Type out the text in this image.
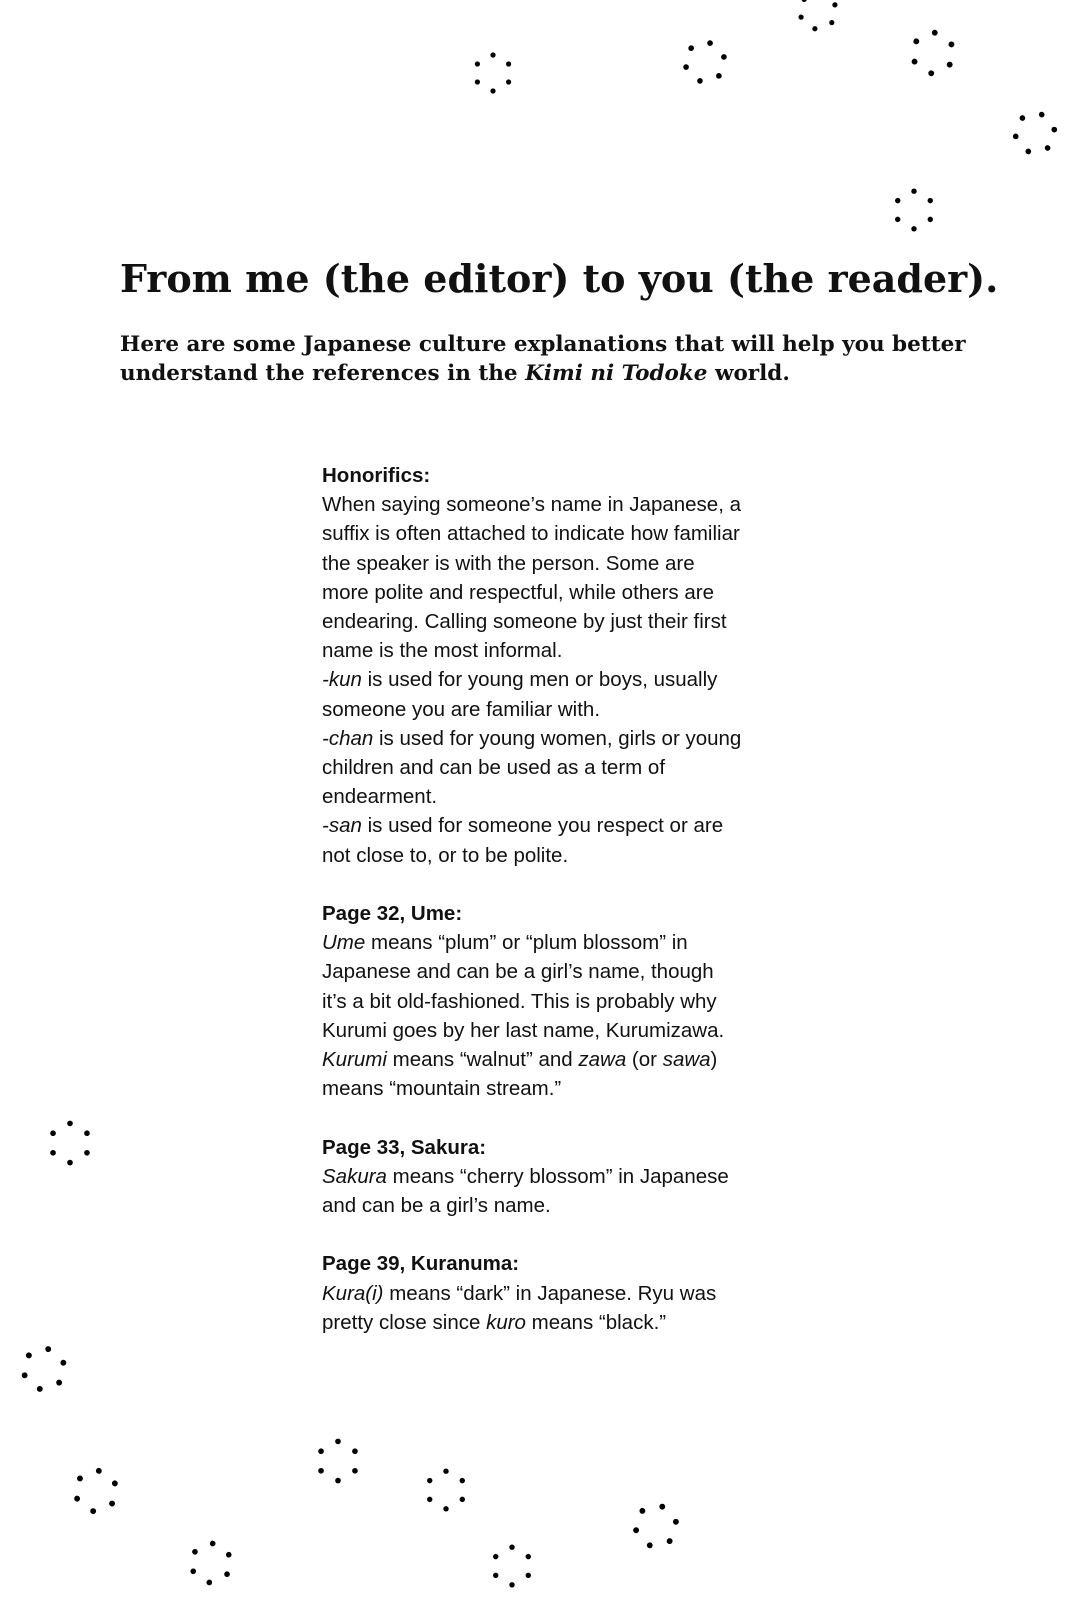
From me (the editor) to you (the reader).

Here are some Japanese culture explanations that will help you better understand the references in the Kimi ni Todoke world.

Honorifics:

When saying someone’s name in Japanese, a suffix is often attached to indicate how familiar the speaker is with the person. Some are more polite and respectful, while others are endearing. Calling someone by just their first name is the most informal.

-kun is used for young men or boys, usually someone you are familiar with.

-chan is used for young women, girls or young children and can be used as a term of endearment.

-san is used for someone you respect or are not close to, or to be polite.

Page 32, Ume:

Ume means “plum” or “plum blossom” in Japanese and can be a girl’s name, though it’s a bit old-fashioned. This is probably why Kurumi goes by her last name, Kurumizawa. Kurumi means “walnut” and zawa (or sawa) means “mountain stream.”

Page 33, Sakura:

Sakura means “cherry blossom” in Japanese and can be a girl’s name.

Page 39, Kuranuma:

Kura(i) means “dark” in Japanese. Ryu was pretty close since kuro means “black.”
